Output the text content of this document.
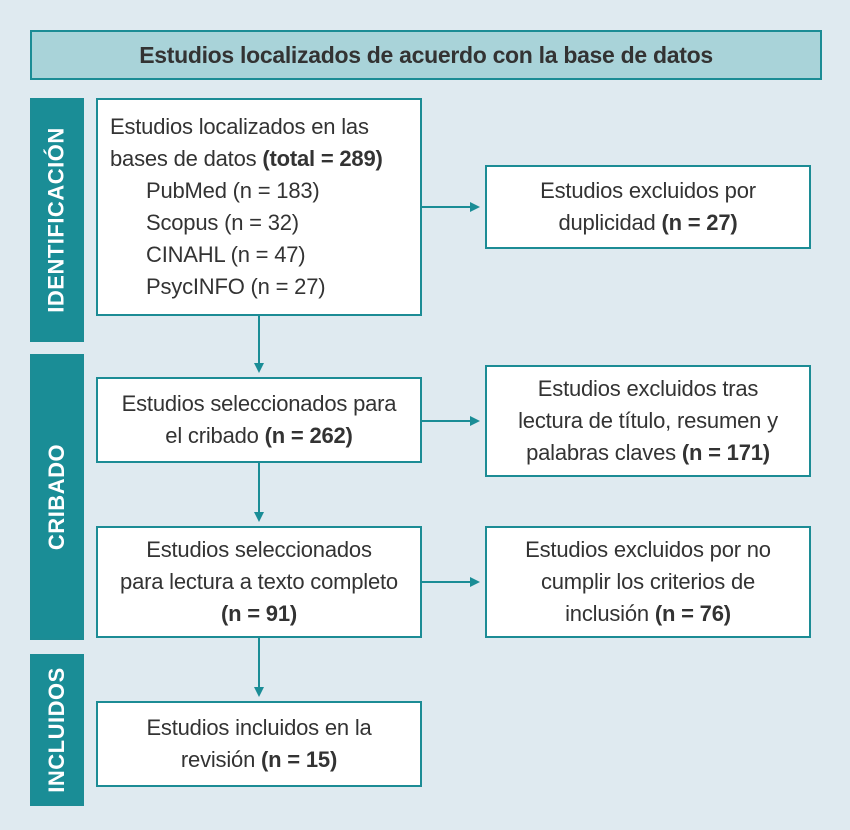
Estudios localizados de acuerdo con la base de datos
IDENTIFICACIÓN
CRIBADO
INCLUIDOS
Estudios localizados en las
bases de datos (total = 289)
PubMed (n = 183)
Scopus (n = 32)
CINAHL (n = 47)
PsycINFO (n = 27)
Estudios excluidos por
duplicidad (n = 27)
Estudios seleccionados para
el cribado (n = 262)
Estudios excluidos tras
lectura de título, resumen y
palabras claves (n = 171)
Estudios seleccionados
para lectura a texto completo
(n = 91)
Estudios excluidos por no
cumplir los criterios de
inclusión (n = 76)
Estudios incluidos en la
revisión (n = 15)
